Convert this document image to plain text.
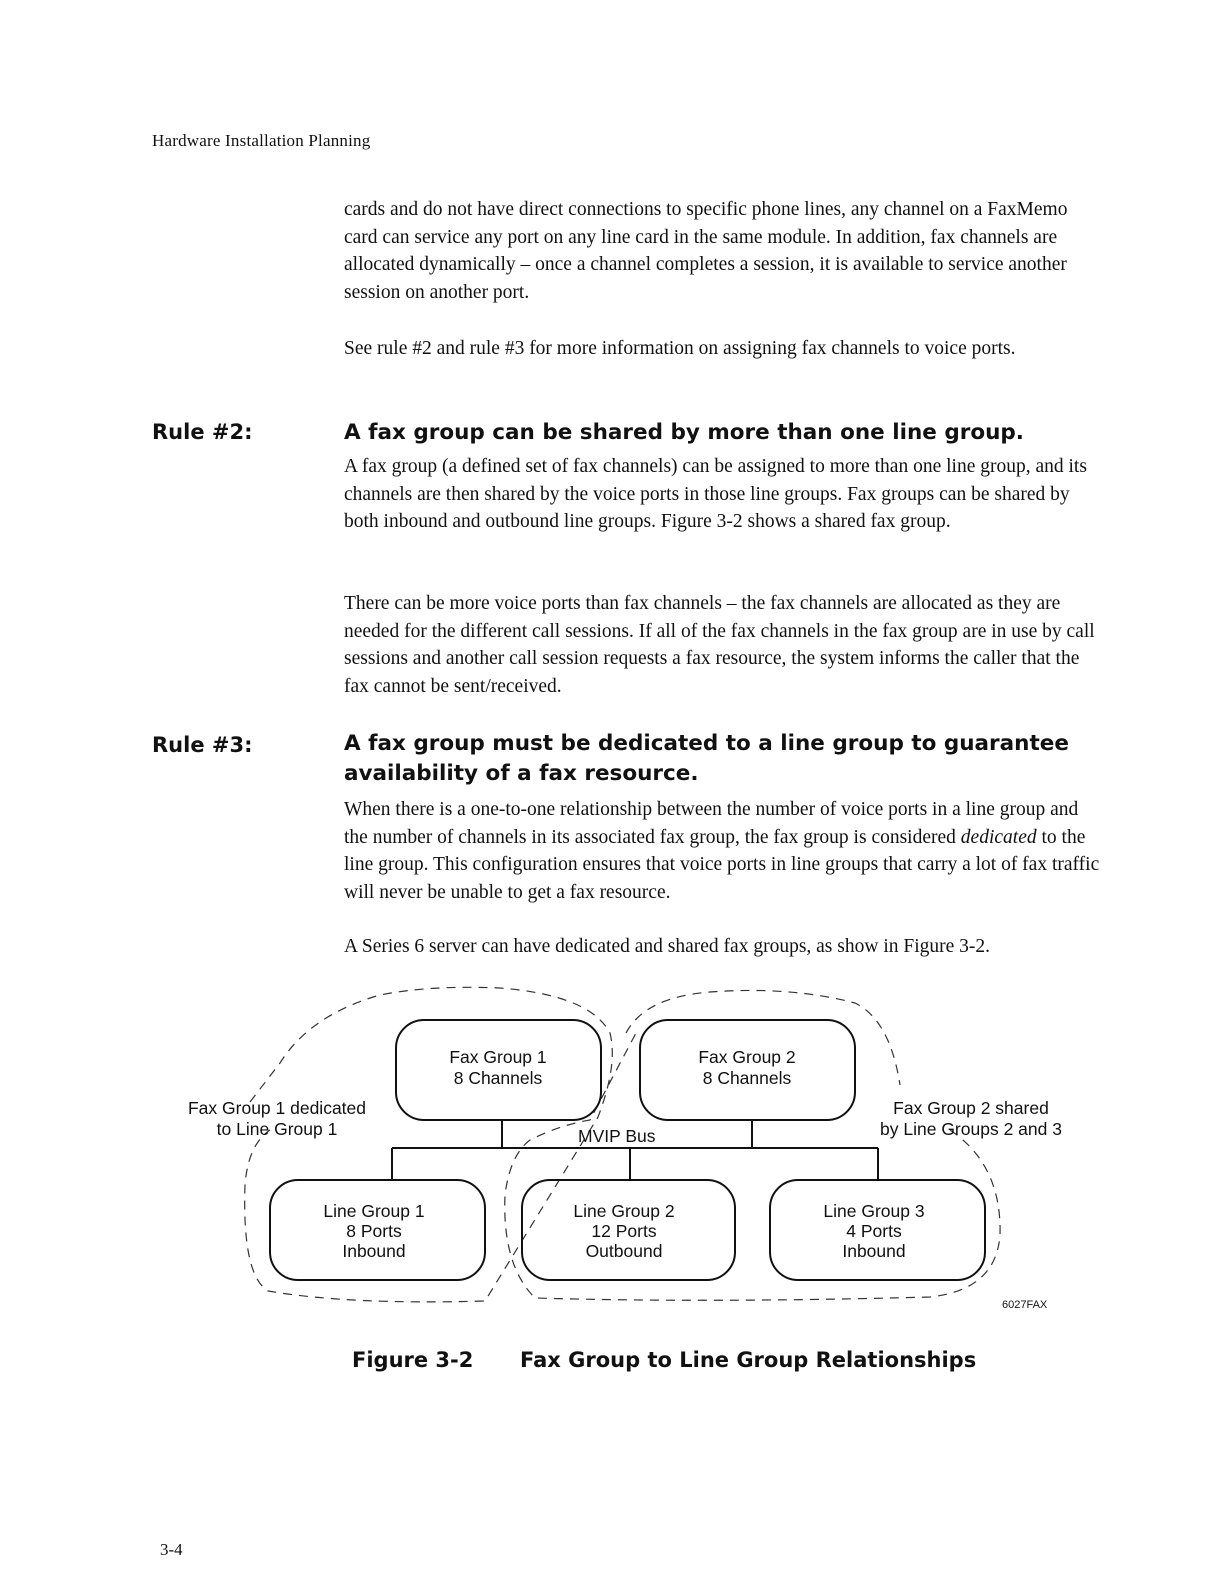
Hardware Installation Planning

cards and do not have direct connections to specific phone lines, any channel on a FaxMemo card can service any port on any line card in the same module. In addition, fax channels are allocated dynamically – once a channel completes a session, it is available to service another session on another port.

See rule #2 and rule #3 for more information on assigning fax channels to voice ports.

Rule #2:	A fax group can be shared by more than one line group.

A fax group (a defined set of fax channels) can be assigned to more than one line group, and its channels are then shared by the voice ports in those line groups. Fax groups can be shared by both inbound and outbound line groups. Figure 3-2 shows a shared fax group.

There can be more voice ports than fax channels – the fax channels are allocated as they are needed for the different call sessions. If all of the fax channels in the fax group are in use by call sessions and another call session requests a fax resource, the system informs the caller that the fax cannot be sent/received.

Rule #3:	A fax group must be dedicated to a line group to guarantee availability of a fax resource.

When there is a one-to-one relationship between the number of voice ports in a line group and the number of channels in its associated fax group, the fax group is considered dedicated to the line group. This configuration ensures that voice ports in line groups that carry a lot of fax traffic will never be unable to get a fax resource.

A Series 6 server can have dedicated and shared fax groups, as show in Figure 3-2.

Fax Group 1
8 Channels
Fax Group 2
8 Channels
MVIP Bus
Line Group 1
8 Ports
Inbound
Line Group 2
12 Ports
Outbound
Line Group 3
4 Ports
Inbound
Fax Group 1 dedicated
to Line Group 1
Fax Group 2 shared
by Line Groups 2 and 3
6027FAX
Figure 3-2 Fax Group to Line Group Relationships
3-4
